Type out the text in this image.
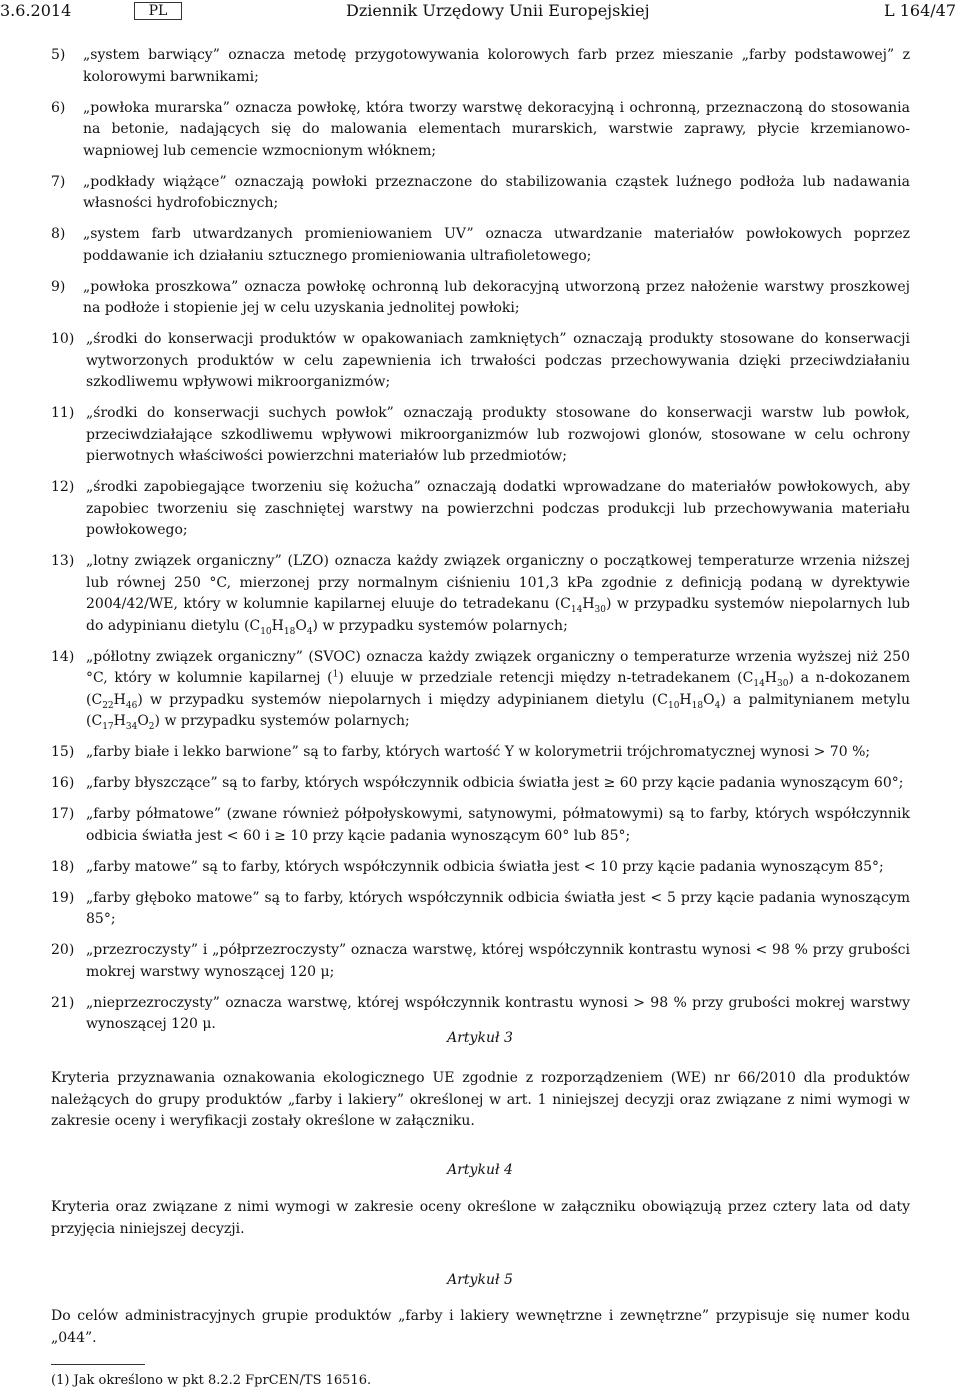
3.6.2014	PL	Dziennik Urzędowy Unii Europejskiej	L 164/47
5) „system barwiący” oznacza metodę przygotowywania kolorowych farb przez mieszanie „farby podstawowej” z kolorowymi barwnikami;
6) „powłoka murarska” oznacza powłokę, która tworzy warstwę dekoracyjną i ochronną, przeznaczoną do stosowania na betonie, nadających się do malowania elementach murarskich, warstwie zaprawy, płycie krzemianowo-wapniowej lub cemencie wzmocnionym włóknem;
7) „podkłady wiążące” oznaczają powłoki przeznaczone do stabilizowania cząstek luźnego podłoża lub nadawania własności hydrofobicznych;
8) „system farb utwardzanych promieniowaniem UV” oznacza utwardzanie materiałów powłokowych poprzez poddawanie ich działaniu sztucznego promieniowania ultrafioletowego;
9) „powłoka proszkowa” oznacza powłokę ochronną lub dekoracyjną utworzoną przez nałożenie warstwy proszkowej na podłoże i stopienie jej w celu uzyskania jednolitej powłoki;
10) „środki do konserwacji produktów w opakowaniach zamkniętych” oznaczają produkty stosowane do konserwacji wytworzonych produktów w celu zapewnienia ich trwałości podczas przechowywania dzięki przeciwdziałaniu szkodliwemu wpływowi mikroorganizmów;
11) „środki do konserwacji suchych powłok” oznaczają produkty stosowane do konserwacji warstw lub powłok, przeciwdziałające szkodliwemu wpływowi mikroorganizmów lub rozwojowi glonów, stosowane w celu ochrony pierwotnych właściwości powierzchni materiałów lub przedmiotów;
12) „środki zapobiegające tworzeniu się kożucha” oznaczają dodatki wprowadzane do materiałów powłokowych, aby zapobiec tworzeniu się zaschniętej warstwy na powierzchni podczas produkcji lub przechowywania materiału powłokowego;
13) „lotny związek organiczny” (LZO) oznacza każdy związek organiczny o początkowej temperaturze wrzenia niższej lub równej 250 °C, mierzonej przy normalnym ciśnieniu 101,3 kPa zgodnie z definicją podaną w dyrektywie 2004/42/WE, który w kolumnie kapilarnej eluuje do tetradekanu $(C_{14}H_{30})$ w przypadku systemów niepolarnych lub do adypinianu dietylu $(C_{10}H_{18}O_4)$ w przypadku systemów polarnych;
14) „półlotny związek organiczny” (SVOC) oznacza każdy związek organiczny o temperaturze wrzenia wyższej niż 250 °C, który w kolumnie kapilarnej ($^1$) eluuje w przedziale retencji między n-tetradekanem $(C_{14}H_{30})$ a n-dokozanem $(C_{22}H_{46})$ w przypadku systemów niepolarnych i między adypinianem dietylu $(C_{10}H_{18}O_4)$ a palmitynianem metylu $(C_{17}H_{34}O_2)$ w przypadku systemów polarnych;
15) „farby białe i lekko barwione” są to farby, których wartość Y w kolorymetrii trójchromatycznej wynosi > 70 %;
16) „farby błyszczące” są to farby, których współczynnik odbicia światła jest ≥ 60 przy kącie padania wynoszącym 60°;
17) „farby półmatowe” (zwane również półpołyskowymi, satynowymi, półmatowymi) są to farby, których współczynnik odbicia światła jest < 60 i ≥ 10 przy kącie padania wynoszącym 60° lub 85°;
18) „farby matowe” są to farby, których współczynnik odbicia światła jest < 10 przy kącie padania wynoszącym 85°;
19) „farby głęboko matowe” są to farby, których współczynnik odbicia światła jest < 5 przy kącie padania wynoszącym 85°;
20) „przezroczysty” i „półprzezroczysty” oznacza warstwę, której współczynnik kontrastu wynosi < 98 % przy grubości mokrej warstwy wynoszącej 120 μ;
21) „nieprzezroczysty” oznacza warstwę, której współczynnik kontrastu wynosi > 98 % przy grubości mokrej warstwy wynoszącej 120 μ.
Artykuł 3
Kryteria przyznawania oznakowania ekologicznego UE zgodnie z rozporządzeniem (WE) nr 66/2010 dla produktów należących do grupy produktów „farby i lakiery” określonej w art. 1 niniejszej decyzji oraz związane z nimi wymogi w zakresie oceny i weryfikacji zostały określone w załączniku.
Artykuł 4
Kryteria oraz związane z nimi wymogi w zakresie oceny określone w załączniku obowiązują przez cztery lata od daty przyjęcia niniejszej decyzji.
Artykuł 5
Do celów administracyjnych grupie produktów „farby i lakiery wewnętrzne i zewnętrzne” przypisuje się numer kodu „044”.
(1) Jak określono w pkt 8.2.2 FprCEN/TS 16516.
